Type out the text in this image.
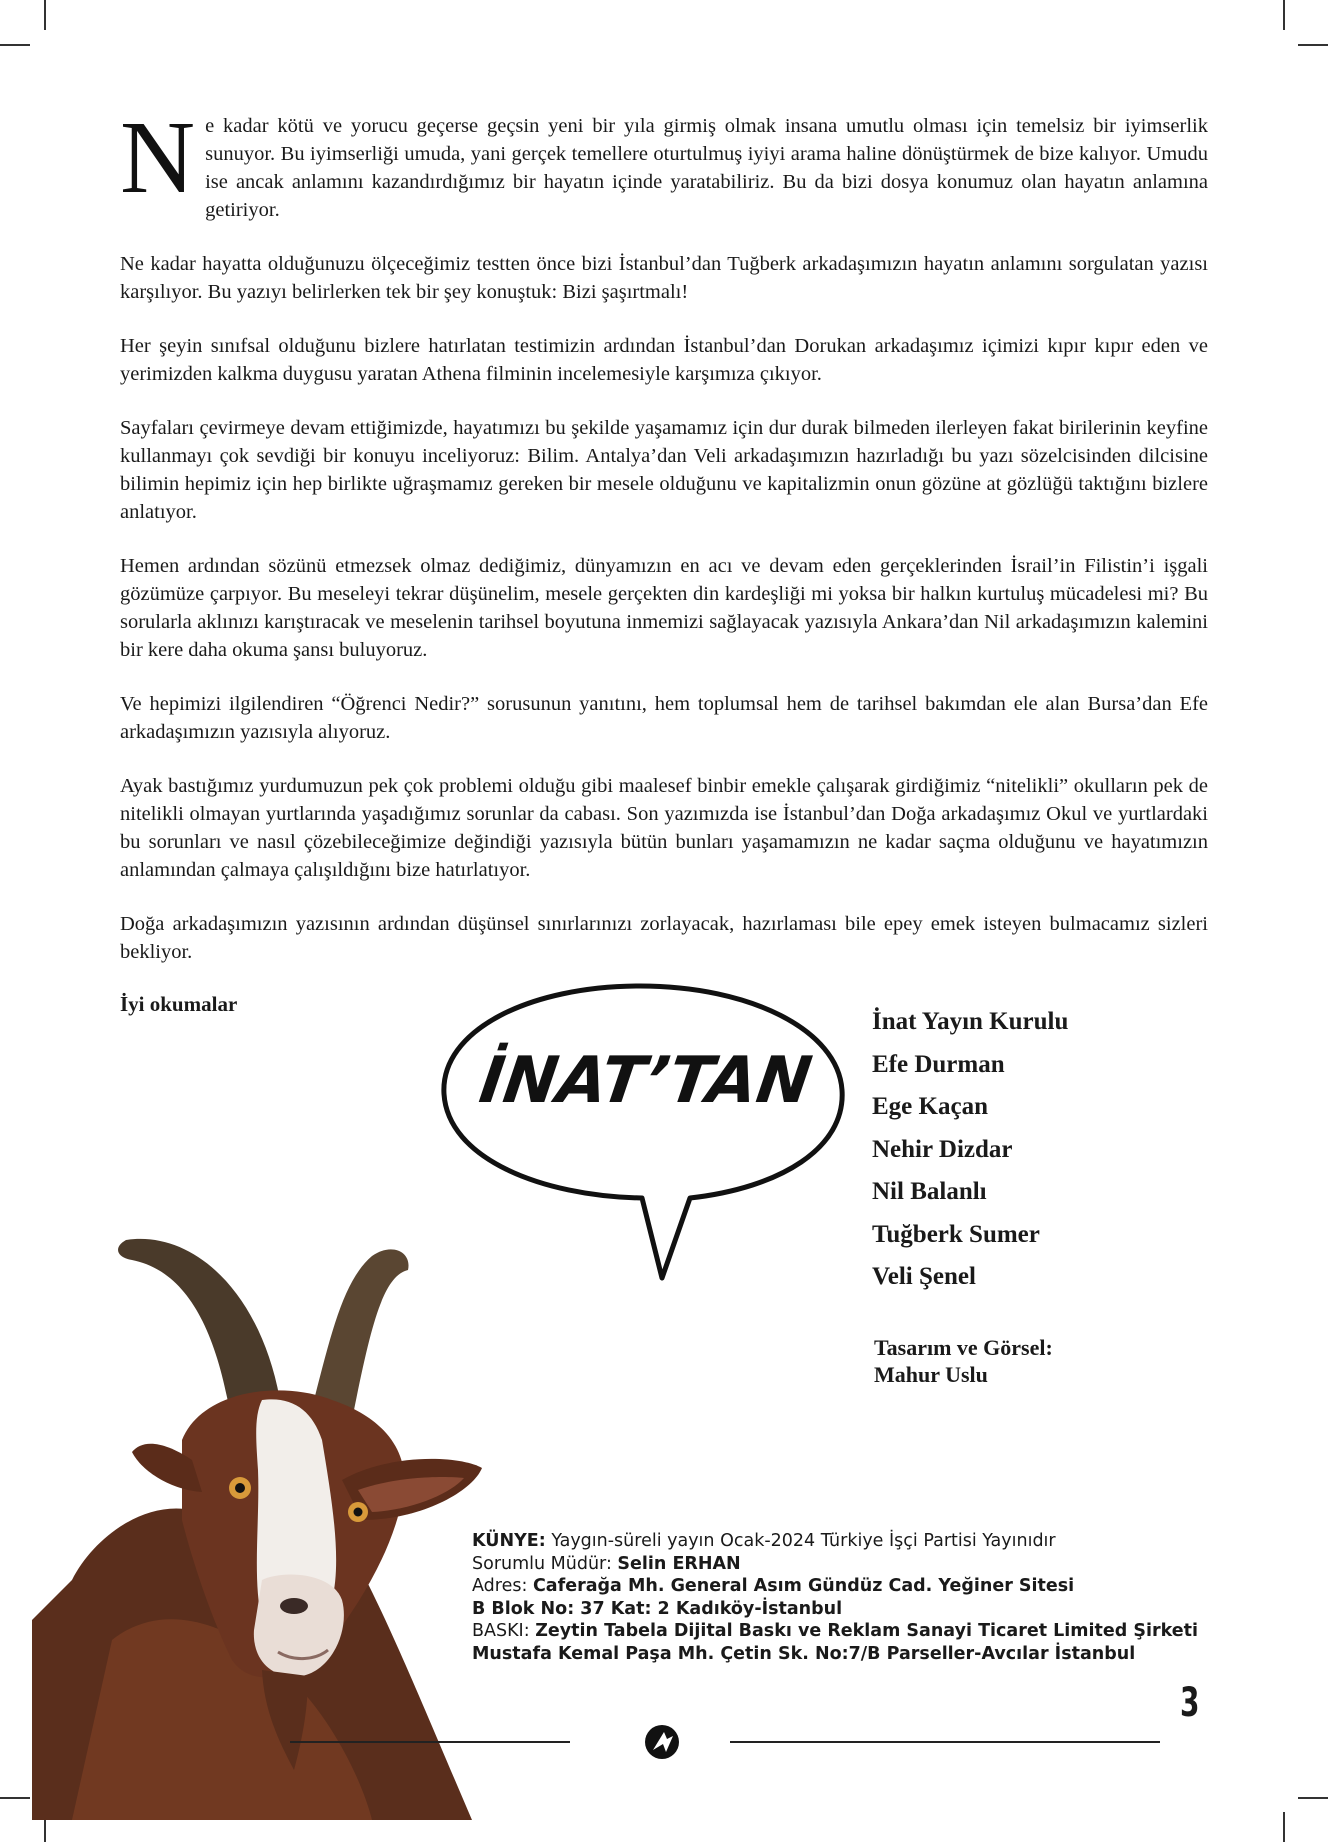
Ne kadar kötü ve yorucu geçerse geçsin yeni bir yıla girmiş olmak insana umutlu olması için temelsiz bir iyimserlik sunuyor. Bu iyimserliği umuda, yani gerçek temellere oturtulmuş iyiyi arama haline dönüştürmek de bize kalıyor. Umudu ise ancak anlamını kazandırdığımız bir hayatın içinde yaratabiliriz. Bu da bizi dosya konumuz olan hayatın anlamına getiriyor.

Ne kadar hayatta olduğunuzu ölçeceğimiz testten önce bizi İstanbul’dan Tuğberk arkadaşımızın hayatın anlamını sorgulatan yazısı karşılıyor. Bu yazıyı belirlerken tek bir şey konuştuk: Bizi şaşırtmalı!

Her şeyin sınıfsal olduğunu bizlere hatırlatan testimizin ardından İstanbul’dan Dorukan arkadaşımız içimizi kıpır kıpır eden ve yerimizden kalkma duygusu yaratan Athena filminin incelemesiyle karşımıza çıkıyor.

Sayfaları çevirmeye devam ettiğimizde, hayatımızı bu şekilde yaşamamız için dur durak bilmeden ilerleyen fakat birilerinin keyfine kullanmayı çok sevdiği bir konuyu inceliyoruz: Bilim. Antalya’dan Veli arkadaşımızın hazırladığı bu yazı sözelcisinden dilcisine bilimin hepimiz için hep birlikte uğraşmamız gereken bir mesele olduğunu ve kapitalizmin onun gözüne at gözlüğü taktığını bizlere anlatıyor.

Hemen ardından sözünü etmezsek olmaz dediğimiz, dünyamızın en acı ve devam eden gerçeklerinden İsrail’in Filistin’i işgali gözümüze çarpıyor. Bu meseleyi tekrar düşünelim, mesele gerçekten din kardeşliği mi yoksa bir halkın kurtuluş mücadelesi mi? Bu sorularla aklınızı karıştıracak ve meselenin tarihsel boyutuna inmemizi sağlayacak yazısıyla Ankara’dan Nil arkadaşımızın kalemini bir kere daha okuma şansı buluyoruz.

Ve hepimizi ilgilendiren “Öğrenci Nedir?” sorusunun yanıtını, hem toplumsal hem de tarihsel bakımdan ele alan Bursa’dan Efe arkadaşımızın yazısıyla alıyoruz.

Ayak bastığımız yurdumuzun pek çok problemi olduğu gibi maalesef binbir emekle çalışarak girdiğimiz “nitelikli” okulların pek de nitelikli olmayan yurtlarında yaşadığımız sorunlar da cabası. Son yazımızda ise İstanbul’dan Doğa arkadaşımız Okul ve yurtlardaki bu sorunları ve nasıl çözebileceğimize değindiği yazısıyla bütün bunları yaşamamızın ne kadar saçma olduğunu ve hayatımızın anlamından çalmaya çalışıldığını bize hatırlatıyor.

Doğa arkadaşımızın yazısının ardından düşünsel sınırlarınızı zorlayacak, hazırlaması bile epey emek isteyen bulmacamız sizleri bekliyor.

İyi okumalar
İNAT’TAN
İnat Yayın Kurulu
Efe Durman
Ege Kaçan
Nehir Dizdar
Nil Balanlı
Tuğberk Sumer
Veli Şenel
Tasarım ve Görsel:
Mahur Uslu
KÜNYE: Yaygın-süreli yayın Ocak-2024 Türkiye İşçi Partisi Yayınıdır
Sorumlu Müdür: Selin ERHAN
Adres: Caferağa Mh. General Asım Gündüz Cad. Yeğiner Sitesi
B Blok No: 37 Kat: 2 Kadıköy-İstanbul
BASKI: Zeytin Tabela Dijital Baskı ve Reklam Sanayi Ticaret Limited Şirketi
Mustafa Kemal Paşa Mh. Çetin Sk. No:7/B Parseller-Avcılar İstanbul
3
